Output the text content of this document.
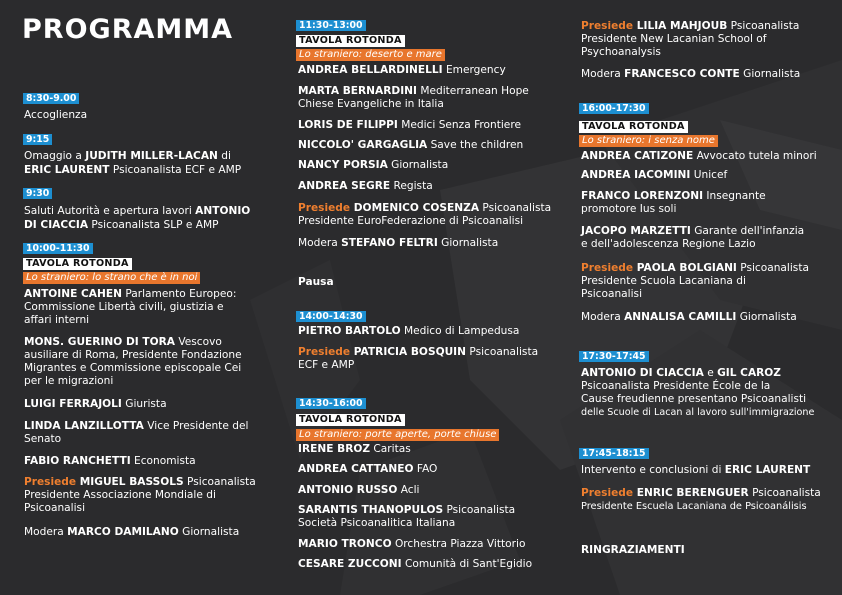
PROGRAMMA
8:30-9.00
Accoglienza
9:15
Omaggio a JUDITH MILLER-LACAN di
ERIC LAURENT Psicoanalista ECF e AMP
9:30
Saluti Autorità e apertura lavori ANTONIO
DI CIACCIA Psicoanalista SLP e AMP
10:00-11:30
TAVOLA ROTONDA
Lo straniero: lo strano che è in noi
ANTOINE CAHEN Parlamento Europeo:
Commissione Libertà civili, giustizia e
affari interni
MONS. GUERINO DI TORA Vescovo
ausiliare di Roma, Presidente Fondazione
Migrantes e Commissione episcopale Cei
per le migrazioni
LUIGI FERRAJOLI Giurista
LINDA LANZILLOTTA Vice Presidente del
Senato
FABIO RANCHETTI Economista
Presiede MIGUEL BASSOLS Psicoanalista
Presidente Associazione Mondiale di
Psicoanalisi
Modera MARCO DAMILANO Giornalista
11:30-13:00
TAVOLA ROTONDA
Lo straniero: deserto e mare
ANDREA BELLARDINELLI Emergency
MARTA BERNARDINI Mediterranean Hope
Chiese Evangeliche in Italia
LORIS DE FILIPPI Medici Senza Frontiere
NICCOLO' GARGAGLIA Save the children
NANCY PORSIA Giornalista
ANDREA SEGRE Regista
Presiede DOMENICO COSENZA Psicoanalista
Presidente EuroFederazione di Psicoanalisi
Modera STEFANO FELTRI Giornalista
Pausa
14:00-14:30
PIETRO BARTOLO Medico di Lampedusa
Presiede PATRICIA BOSQUIN Psicoanalista
ECF e AMP
14:30-16:00
TAVOLA ROTONDA
Lo straniero: porte aperte, porte chiuse
IRENE BROZ Caritas
ANDREA CATTANEO FAO
ANTONIO RUSSO Acli
SARANTIS THANOPULOS Psicoanalista
Società Psicoanalitica Italiana
MARIO TRONCO Orchestra Piazza Vittorio
CESARE ZUCCONI Comunità di Sant'Egidio
Presiede LILIA MAHJOUB Psicoanalista
Presidente New Lacanian School of
Psychoanalysis
Modera FRANCESCO CONTE Giornalista
16:00-17:30
TAVOLA ROTONDA
Lo straniero: i senza nome
ANDREA CATIZONE Avvocato tutela minori
ANDREA IACOMINI Unicef
FRANCO LORENZONI Insegnante
promotore Ius soli
JACOPO MARZETTI Garante dell'infanzia
e dell'adolescenza Regione Lazio
Presiede PAOLA BOLGIANI Psicoanalista
Presidente Scuola Lacaniana di
Psicoanalisi
Modera ANNALISA CAMILLI Giornalista
17:30-17:45
ANTONIO DI CIACCIA e GIL CAROZ
Psicoanalista Presidente École de la
Cause freudienne presentano Psicoanalisti
delle Scuole di Lacan al lavoro sull'immigrazione
17:45-18:15
Intervento e conclusioni di ERIC LAURENT
Presiede ENRIC BERENGUER Psicoanalista
Presidente Escuela Lacaniana de Psicoanálisis
RINGRAZIAMENTI
